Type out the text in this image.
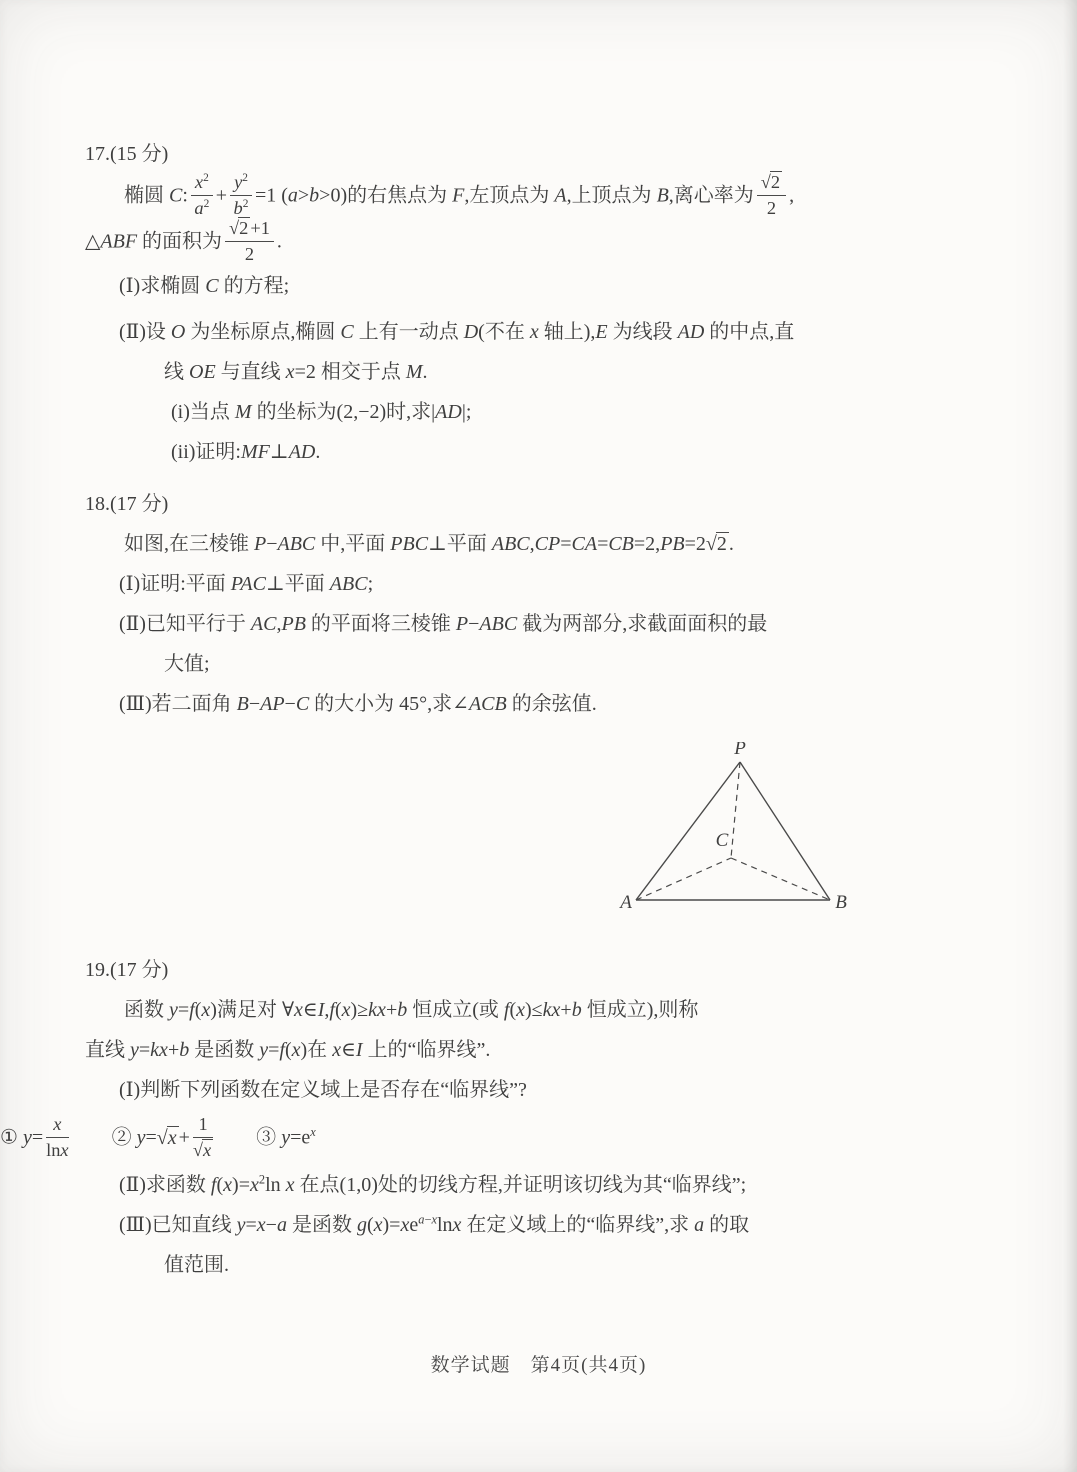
17.(15 分)
椭圆 C: $\frac{x^2}{a^2} + \frac{y^2}{b^2} =1$ (a>b>0)的右焦点为 F,左顶点为 A,上顶点为 B,离心率为 $\frac{√2}{2}$ ,
△ABF 的面积为 $\frac{√2 +1}{2}$ .
(Ⅰ)求椭圆 C 的方程;
(Ⅱ)设 O 为坐标原点,椭圆 C 上有一动点 D(不在 x 轴上),E 为线段 AD 的中点,直
线 OE 与直线 x=2 相交于点 M.
(i)当点 M 的坐标为(2,−2)时,求|AD|;
(ii)证明:MF⊥AD.
18.(17 分)
如图,在三棱锥 P−ABC 中,平面 PBC⊥平面 ABC,CP=CA=CB=2,PB=2√2 .
(Ⅰ)证明:平面 PAC⊥平面 ABC;
(Ⅱ)已知平行于 AC,PB 的平面将三棱锥 P−ABC 截为两部分,求截面面积的最
大值;
(Ⅲ)若二面角 B−AP−C 的大小为 45°,求∠ACB 的余弦值.
P
A	B
C
19.(17 分)
函数 y=f(x)满足对 ∀x∈I,f(x)≥kx+b 恒成立(或 f(x)≤kx+b 恒成立),则称
直线 y=kx+b 是函数 y=f(x)在 x∈I 上的“临界线”.
(Ⅰ)判断下列函数在定义域上是否存在“临界线”?
① $y= \frac{x}{\ln x}$ 　　② $y=√x + \frac{1}{√x}$ 　　③ $y=e^x$
(Ⅱ)求函数 $f(x)=x^2\ln$ x 在点(1,0)处的切线方程,并证明该切线为其“临界线”;
(Ⅲ)已知直线 y=x−a 是函数 $g(x)=xe^{a-x}\ln x$ 在定义域上的“临界线”,求 a 的取
值范围.
数学试题　第4页(共4页)
